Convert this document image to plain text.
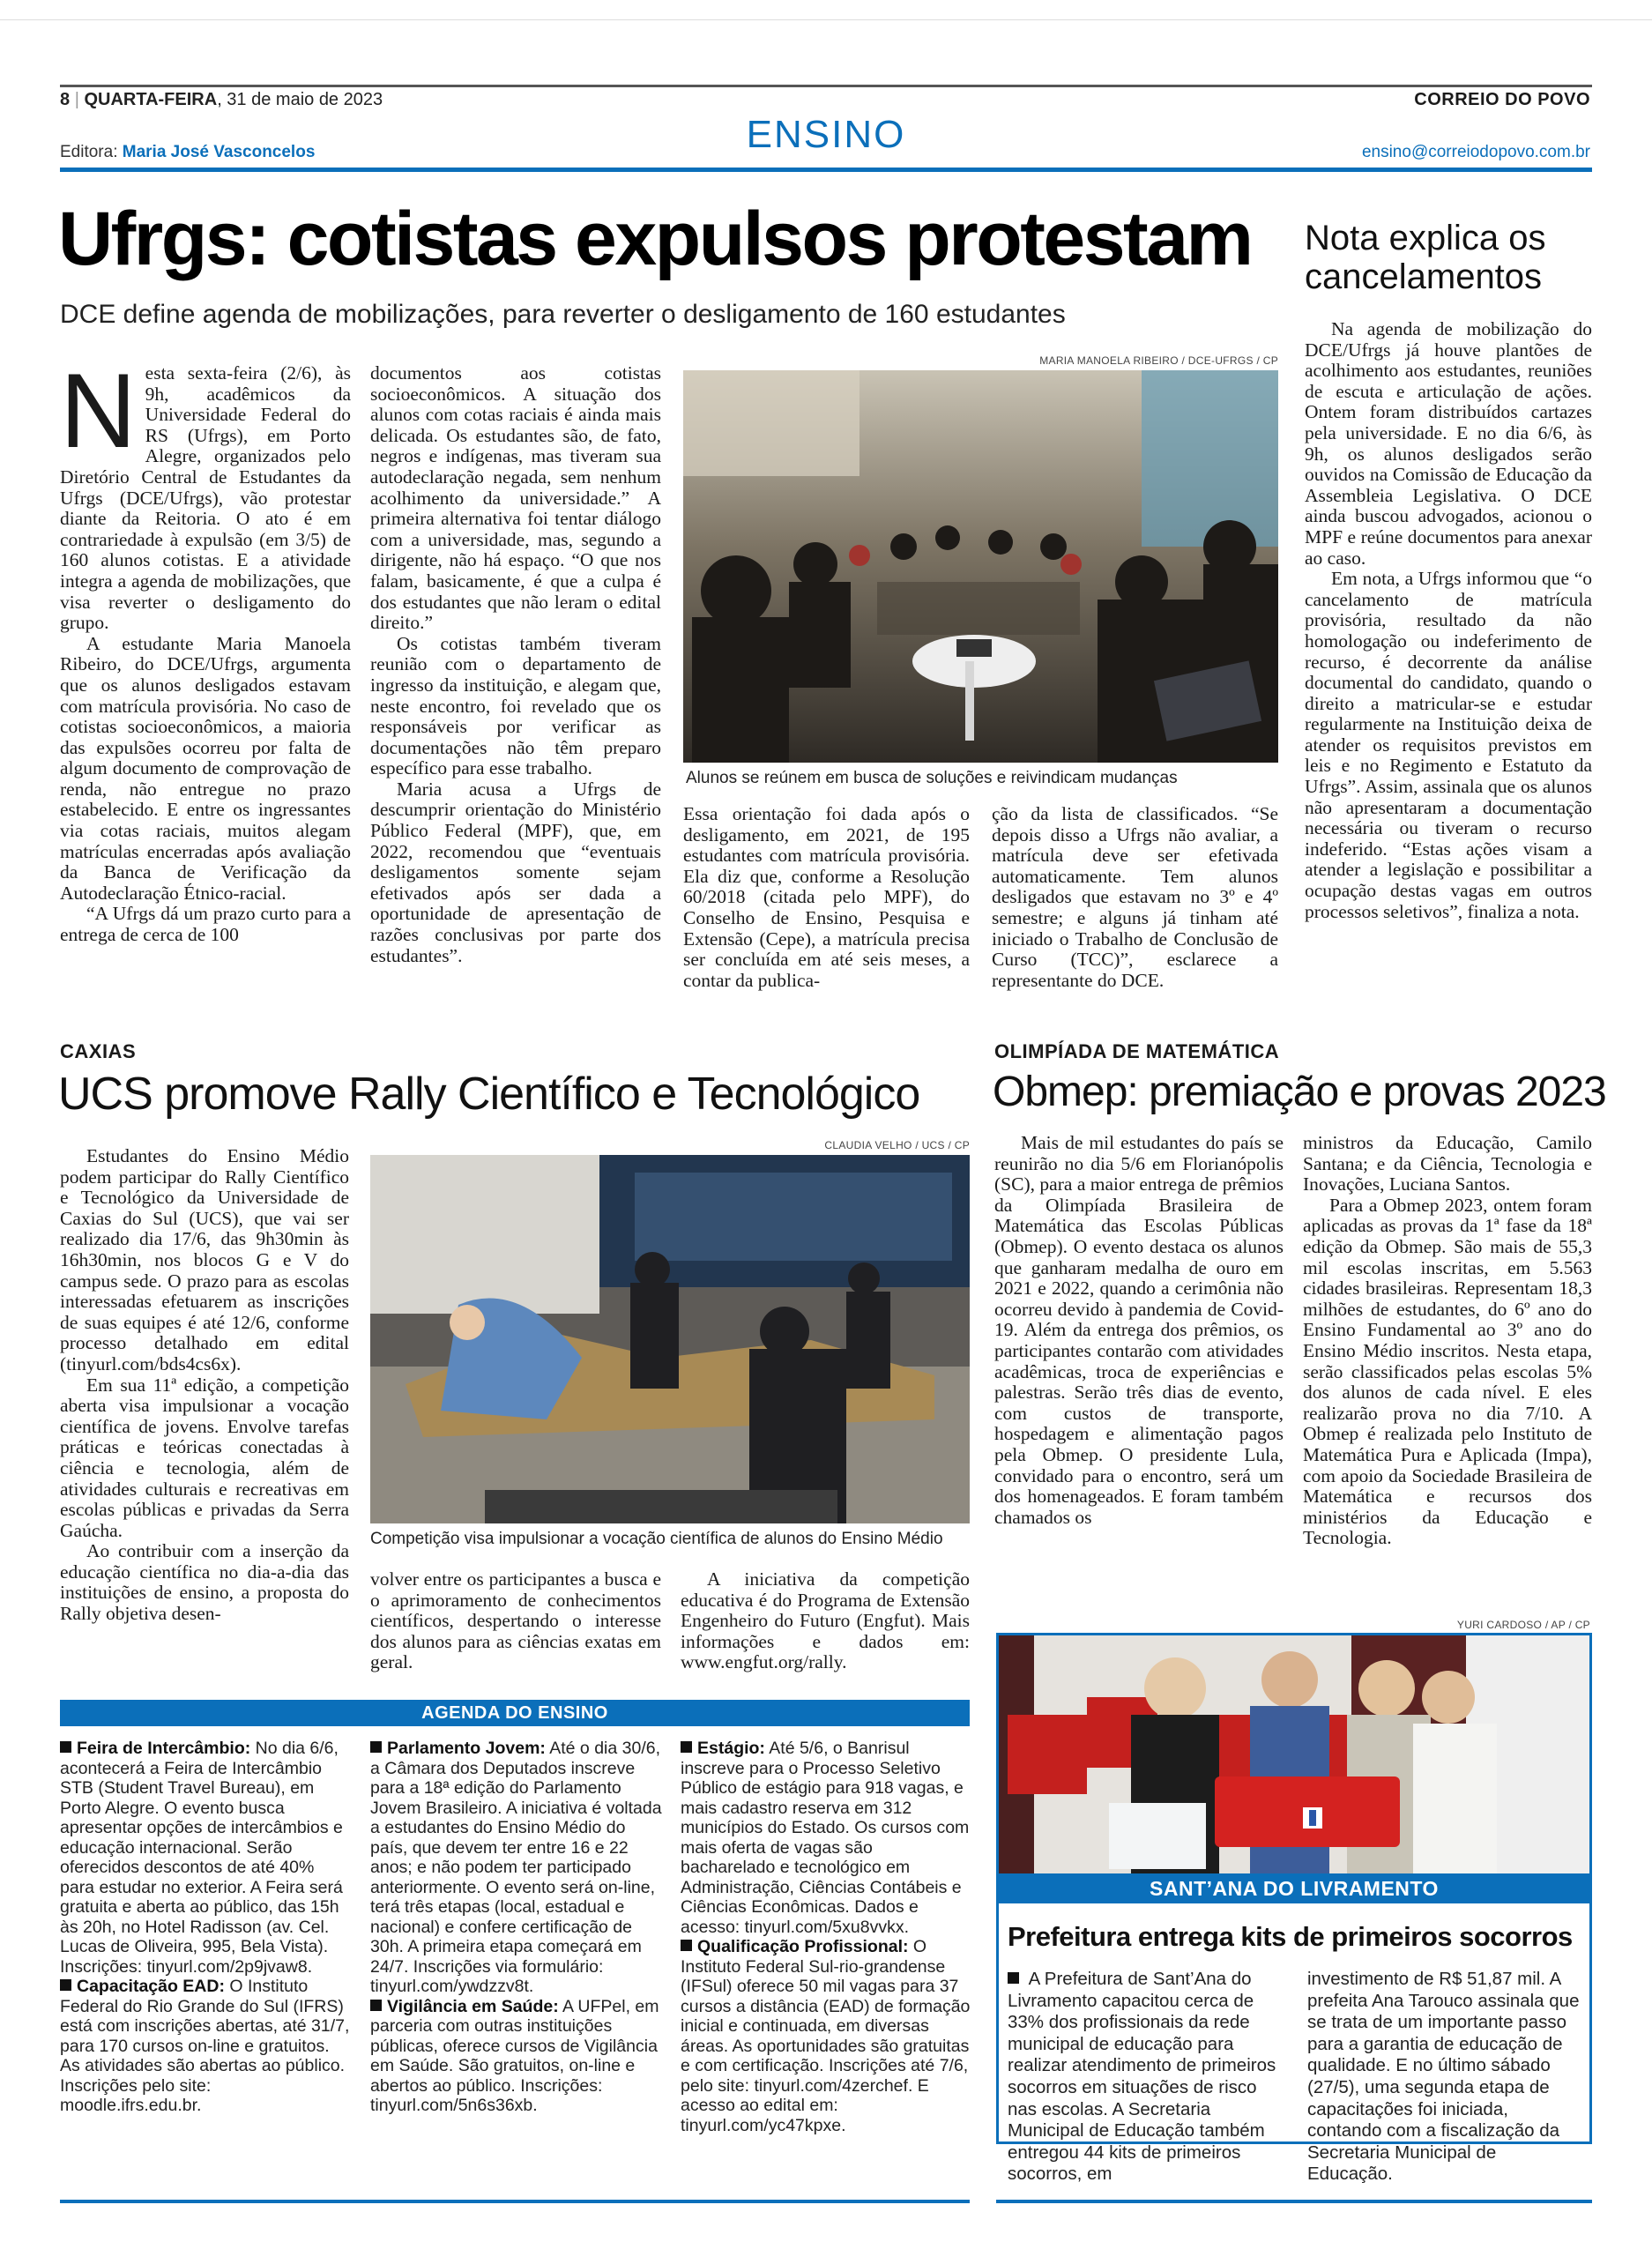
8 | QUARTA-FEIRA, 31 de maio de 2023	CORREIO DO POVO
ENSINO
Editora: Maria José Vasconcelos	ensino@correiodopovo.com.br
Ufrgs: cotistas expulsos protestam
DCE define agenda de mobilizações, para reverter o desligamento de 160 estudantes

Nesta sexta-feira (2/6), às 9h, acadêmicos da Universidade Federal do RS (Ufrgs), em Porto Alegre, organizados pelo Diretório Central de Estudantes da Ufrgs (DCE/Ufrgs), vão protestar diante da Reitoria. O ato é em contrariedade à expulsão (em 3/5) de 160 alunos cotistas. E a atividade integra a agenda de mobilizações, que visa reverter o desligamento do grupo.

A estudante Maria Manoela Ribeiro, do DCE/Ufrgs, argumenta que os alunos desligados estavam com matrícula provisória. No caso de cotistas socioeconômicos, a maioria das expulsões ocorreu por falta de algum documento de comprovação de renda, não entregue no prazo estabelecido. E entre os ingressantes via cotas raciais, muitos alegam matrículas encerradas após avaliação da Banca de Verificação da Autodeclaração Étnico-racial.

“A Ufrgs dá um prazo curto para a entrega de cerca de 100

documentos aos cotistas socioeconômicos. A situação dos alunos com cotas raciais é ainda mais delicada. Os estudantes são, de fato, negros e indígenas, mas tiveram sua autodeclaração negada, sem nenhum acolhimento da universidade.” A primeira alternativa foi tentar diálogo com a universidade, mas, segundo a dirigente, não há espaço. “O que nos falam, basicamente, é que a culpa é dos estudantes que não leram o edital direito.”

Os cotistas também tiveram reunião com o departamento de ingresso da instituição, e alegam que, neste encontro, foi revelado que os responsáveis por verificar as documentações não têm preparo específico para esse trabalho.

Maria acusa a Ufrgs de descumprir orientação do Ministério Público Federal (MPF), que, em 2022, recomendou que “eventuais desligamentos somente sejam efetivados após ser dada a oportunidade de apresentação de razões conclusivas por parte dos estudantes”.

MARIA MANOELA RIBEIRO / DCE-UFRGS / CP
Alunos se reúnem em busca de soluções e reivindicam mudanças

Essa orientação foi dada após o desligamento, em 2021, de 195 estudantes com matrícula provisória. Ela diz que, conforme a Resolução 60/2018 (citada pelo MPF), do Conselho de Ensino, Pesquisa e Extensão (Cepe), a matrícula precisa ser concluída em até seis meses, a contar da publica-

ção da lista de classificados. “Se depois disso a Ufrgs não avaliar, a matrícula deve ser efetivada automaticamente. Tem alunos desligados que estavam no 3º e 4º semestre; e alguns já tinham até iniciado o Trabalho de Conclusão de Curso (TCC)”, esclarece a representante do DCE.

Nota explica os cancelamentos

Na agenda de mobilização do DCE/Ufrgs já houve plantões de acolhimento aos estudantes, reuniões de escuta e articulação de ações. Ontem foram distribuídos cartazes pela universidade. E no dia 6/6, às 9h, os alunos desligados serão ouvidos na Comissão de Educação da Assembleia Legislativa. O DCE ainda buscou advogados, acionou o MPF e reúne documentos para anexar ao caso.

Em nota, a Ufrgs informou que “o cancelamento de matrícula provisória, resultado da não homologação ou indeferimento de recurso, é decorrente da análise documental do candidato, quando o direito a matricular-se e estudar regularmente na Instituição deixa de atender os requisitos previstos em leis e no Regimento e Estatuto da Ufrgs”. Assim, assinala que os alunos não apresentaram a documentação necessária ou tiveram o recurso indeferido. “Estas ações visam a atender a legislação e possibilitar a ocupação destas vagas em outros processos seletivos”, finaliza a nota.

CAXIAS
UCS promove Rally Científico e Tecnológico

Estudantes do Ensino Médio podem participar do Rally Científico e Tecnológico da Universidade de Caxias do Sul (UCS), que vai ser realizado dia 17/6, das 9h30min às 16h30min, nos blocos G e V do campus sede. O prazo para as escolas interessadas efetuarem as inscrições de suas equipes é até 12/6, conforme processo detalhado em edital (tinyurl.com/bds4cs6x).

Em sua 11ª edição, a competição aberta visa impulsionar a vocação científica de jovens. Envolve tarefas práticas e teóricas conectadas à ciência e tecnologia, além de atividades culturais e recreativas em escolas públicas e privadas da Serra Gaúcha.

Ao contribuir com a inserção da educação científica no dia-a-dia das instituições de ensino, a proposta do Rally objetiva desen-

CLAUDIA VELHO / UCS / CP
Competição visa impulsionar a vocação científica de alunos do Ensino Médio

volver entre os participantes a busca e o aprimoramento de conhecimentos científicos, despertando o interesse dos alunos para as ciências exatas em geral.

A iniciativa da competição educativa é do Programa de Extensão Engenheiro do Futuro (Engfut). Mais informações e dados em: www.engfut.org/rally.

OLIMPÍADA DE MATEMÁTICA
Obmep: premiação e provas 2023

Mais de mil estudantes do país se reunirão no dia 5/6 em Florianópolis (SC), para a maior entrega de prêmios da Olimpíada Brasileira de Matemática das Escolas Públicas (Obmep). O evento destaca os alunos que ganharam medalha de ouro em 2021 e 2022, quando a cerimônia não ocorreu devido à pandemia de Covid-19. Além da entrega dos prêmios, os participantes contarão com atividades acadêmicas, troca de experiências e palestras. Serão três dias de evento, com custos de transporte, hospedagem e alimentação pagos pela Obmep. O presidente Lula, convidado para o encontro, será um dos homenageados. E foram também chamados os

ministros da Educação, Camilo Santana; e da Ciência, Tecnologia e Inovações, Luciana Santos.

Para a Obmep 2023, ontem foram aplicadas as provas da 1ª fase da 18ª edição da Obmep. São mais de 55,3 mil escolas inscritas, em 5.563 cidades brasileiras. Representam 18,3 milhões de estudantes, do 6º ano do Ensino Fundamental ao 3º ano do Ensino Médio inscritos. Nesta etapa, serão classificados pelas escolas 5% dos alunos de cada nível. E eles realizarão prova no dia 7/10. A Obmep é realizada pelo Instituto de Matemática Pura e Aplicada (Impa), com apoio da Sociedade Brasileira de Matemática e recursos dos ministérios da Educação e Tecnologia.

AGENDA DO ENSINO
Feira de Intercâmbio: No dia 6/6, acontecerá a Feira de Intercâmbio STB (Student Travel Bureau), em Porto Alegre. O evento busca apresentar opções de intercâmbios e educação internacional. Serão oferecidos descontos de até 40% para estudar no exterior. A Feira será gratuita e aberta ao público, das 15h às 20h, no Hotel Radisson (av. Cel. Lucas de Oliveira, 995, Bela Vista). Inscrições: tinyurl.com/2p9jvaw8.
Capacitação EAD: O Instituto Federal do Rio Grande do Sul (IFRS) está com inscrições abertas, até 31/7, para 170 cursos on-line e gratuitos. As atividades são abertas ao público. Inscrições pelo site: moodle.ifrs.edu.br.
Parlamento Jovem: Até o dia 30/6, a Câmara dos Deputados inscreve para a 18ª edição do Parlamento Jovem Brasileiro. A iniciativa é voltada a estudantes do Ensino Médio do país, que devem ter entre 16 e 22 anos; e não podem ter participado anteriormente. O evento será on-line, terá três etapas (local, estadual e nacional) e confere certificação de 30h. A primeira etapa começará em 24/7. Inscrições via formulário: tinyurl.com/ywdzzv8t.
Vigilância em Saúde: A UFPel, em parceria com outras instituições públicas, oferece cursos de Vigilância em Saúde. São gratuitos, on-line e abertos ao público. Inscrições: tinyurl.com/5n6s36xb.
Estágio: Até 5/6, o Banrisul inscreve para o Processo Seletivo Público de estágio para 918 vagas, e mais cadastro reserva em 312 municípios do Estado. Os cursos com mais oferta de vagas são bacharelado e tecnológico em Administração, Ciências Contábeis e Ciências Econômicas. Dados e acesso: tinyurl.com/5xu8vvkx.
Qualificação Profissional: O Instituto Federal Sul-rio-grandense (IFSul) oferece 50 mil vagas para 37 cursos a distância (EAD) de formação inicial e continuada, em diversas áreas. As oportunidades são gratuitas e com certificação. Inscrições até 7/6, pelo site: tinyurl.com/4zerchef. E acesso ao edital em: tinyurl.com/yc47kpxe.
YURI CARDOSO / AP / CP
SANT’ANA DO LIVRAMENTO
Prefeitura entrega kits de primeiros socorros
A Prefeitura de Sant’Ana do Livramento capacitou cerca de 33% dos profissionais da rede municipal de educação para realizar atendimento de primeiros socorros em situações de risco nas escolas. A Secretaria Municipal de Educação também entregou 44 kits de primeiros socorros, em
investimento de R$ 51,87 mil. A prefeita Ana Tarouco assinala que se trata de um importante passo para a garantia de educação de qualidade. E no último sábado (27/5), uma segunda etapa de capacitações foi iniciada, contando com a fiscalização da Secretaria Municipal de Educação.
